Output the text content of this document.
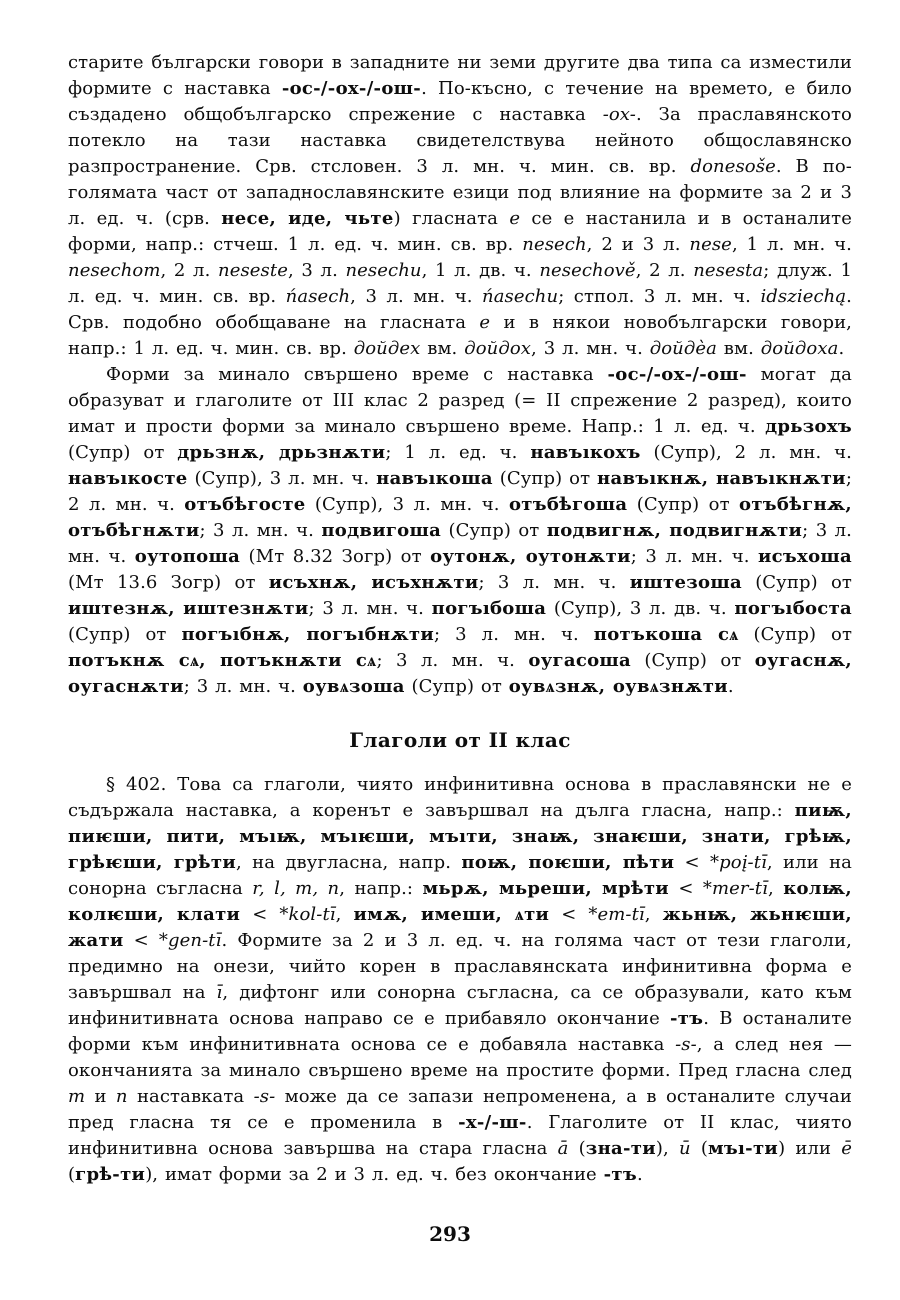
старите български говори в западните ни земи другите два типа са изместили формите с наставка -ос-/-ох-/-ош-. По-късно, с течение на времето, е било създадено общобългарско спрежение с наставка -ox-. За праславянското потекло на тази наставка свидетелствува нейното общославянско разпространение. Срв. стсловен. 3 л. мн. ч. мин. св. вр. donesoše. В по-голямата част от западнославянските езици под влияние на формите за 2 и 3 л. ед. ч. (срв. несе, иде, чьте) гласната е се е настанила и в останалите форми, напр.: стчеш. 1 л. ед. ч. мин. св. вр. nesech, 2 и 3 л. nese, 1 л. мн. ч. nesechom, 2 л. neseste, 3 л. nesechu, 1 л. дв. ч. nesechově, 2 л. nesesta; длуж. 1 л. ед. ч. мин. св. вр. ńasech, 3 л. мн. ч. ńasechu; стпол. 3 л. мн. ч. idsziechą. Срв. подобно обобщаване на гласната е и в някои новобългарски говори, напр.: 1 л. ед. ч. мин. св. вр. дойдех вм. дойдох, 3 л. мн. ч. дойдѐа вм. дойдоха.

Форми за минало свършено време с наставка -ос-/-ох-/-ош- могат да образуват и глаголите от III клас 2 разред (= II спрежение 2 разред), които имат и прости форми за минало свършено време. Напр.: 1 л. ед. ч. дрьзохъ (Супр) от дрьзнѫ, дрьзнѫти; 1 л. ед. ч. навъıкохъ (Супр), 2 л. мн. ч. навъıкосте (Супр), 3 л. мн. ч. навъıкоша (Супр) от навъıкнѫ, навъıкнѫти; 2 л. мн. ч. отъбѣгосте (Супр), 3 л. мн. ч. отъбѣгоша (Супр) от отъбѣгнѫ, отъбѣгнѫти; 3 л. мн. ч. подвигоша (Супр) от подвигнѫ, подвигнѫти; 3 л. мн. ч. оутопоша (Мт 8.32 Зогр) от оутонѫ, оутонѫти; 3 л. мн. ч. исъхоша (Мт 13.6 Зогр) от исъхнѫ, исъхнѫти; 3 л. мн. ч. иштезоша (Супр) от иштезнѫ, иштезнѫти; 3 л. мн. ч. погъıбоша (Супр), 3 л. дв. ч. погъıбоста (Супр) от погъıбнѫ, погъıбнѫти; 3 л. мн. ч. потъкоша сѧ (Супр) от потъкнѫ сѧ, потъкнѫти сѧ; 3 л. мн. ч. оугасоша (Супр) от оугаснѫ, оугаснѫти; 3 л. мн. ч. оувѧзоша (Супр) от оувѧзнѫ, оувѧзнѫти.

Глаголи от II клас

§ 402. Това са глаголи, чиято инфинитивна основа в праславянски не е съдържала наставка, а коренът е завършвал на дълга гласна, напр.: пиѭ, пиѥши, пити, мъıѭ, мъıѥши, мъıти, знаѭ, знаѥши, знати, грѣѭ, грѣѥши, грѣти, на двугласна, напр. поѭ, поѥши, пѣти < *poį-tī, или на сонорна съгласна r, l, m, n, напр.: мьрѫ, мьреши, мрѣти < *mer-tī, колѭ, колѥши, клати < *kol-tī, имѫ, имеши, ѧти < *em-tī, жьнѭ, жьнѥши, жати < *gen-tī. Формите за 2 и 3 л. ед. ч. на голяма част от тези глаголи, предимно на онези, чийто корен в праславянската инфинитивна форма е завършвал на ī, дифтонг или сонорна съгласна, са се образували, като към инфинитивната основа направо се е прибавяло окончание -тъ. В останалите форми към инфинитивната основа се е добавяла наставка -s-, а след нея — окончанията за минало свършено време на простите форми. Пред гласна след m и n наставката -s- може да се запази непроменена, а в останалите случаи пред гласна тя се е променила в -х-/-ш-. Глаголите от II клас, чиято инфинитивна основа завършва на стара гласна ā (зна-ти), ū (мъı-ти) или ē (грѣ-ти), имат форми за 2 и 3 л. ед. ч. без окончание -тъ.

293
